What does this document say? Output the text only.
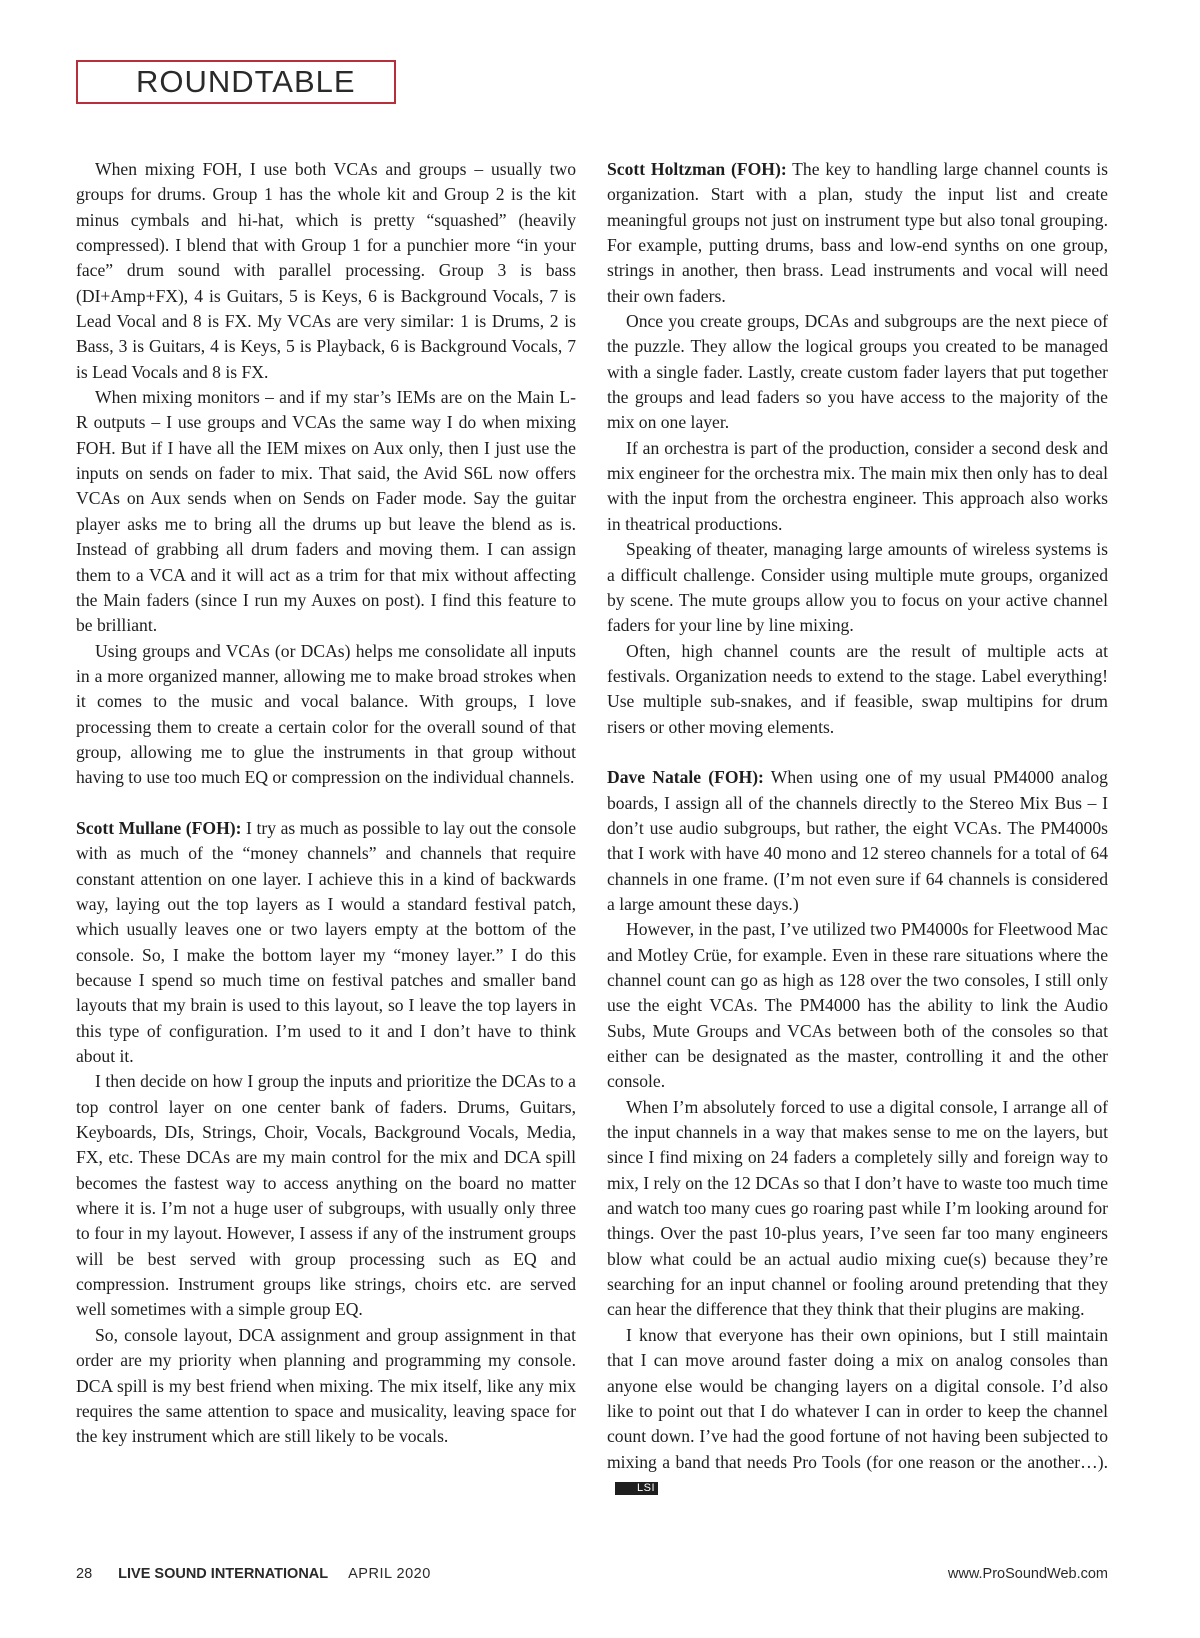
ROUNDTABLE

When mixing FOH, I use both VCAs and groups – usually two groups for drums. Group 1 has the whole kit and Group 2 is the kit minus cymbals and hi-hat, which is pretty “squashed” (heavily compressed). I blend that with Group 1 for a punchier more “in your face” drum sound with parallel processing. Group 3 is bass (DI+Amp+FX), 4 is Guitars, 5 is Keys, 6 is Background Vocals, 7 is Lead Vocal and 8 is FX. My VCAs are very similar: 1 is Drums, 2 is Bass, 3 is Guitars, 4 is Keys, 5 is Playback, 6 is Background Vocals, 7 is Lead Vocals and 8 is FX.

When mixing monitors – and if my star’s IEMs are on the Main L-R outputs – I use groups and VCAs the same way I do when mixing FOH. But if I have all the IEM mixes on Aux only, then I just use the inputs on sends on fader to mix. That said, the Avid S6L now offers VCAs on Aux sends when on Sends on Fader mode. Say the guitar player asks me to bring all the drums up but leave the blend as is. Instead of grabbing all drum faders and moving them. I can assign them to a VCA and it will act as a trim for that mix without affecting the Main faders (since I run my Auxes on post). I find this feature to be brilliant.

Using groups and VCAs (or DCAs) helps me consolidate all inputs in a more organized manner, allowing me to make broad strokes when it comes to the music and vocal balance. With groups, I love processing them to create a certain color for the overall sound of that group, allowing me to glue the instruments in that group without having to use too much EQ or compression on the individual channels.

Scott Mullane (FOH): I try as much as possible to lay out the console with as much of the “money channels” and channels that require constant attention on one layer. I achieve this in a kind of backwards way, laying out the top layers as I would a standard festival patch, which usually leaves one or two layers empty at the bottom of the console. So, I make the bottom layer my “money layer.” I do this because I spend so much time on festival patches and smaller band layouts that my brain is used to this layout, so I leave the top layers in this type of configuration. I’m used to it and I don’t have to think about it.

I then decide on how I group the inputs and prioritize the DCAs to a top control layer on one center bank of faders. Drums, Guitars, Keyboards, DIs, Strings, Choir, Vocals, Background Vocals, Media, FX, etc. These DCAs are my main control for the mix and DCA spill becomes the fastest way to access anything on the board no matter where it is. I’m not a huge user of subgroups, with usually only three to four in my layout. However, I assess if any of the instrument groups will be best served with group processing such as EQ and compression. Instrument groups like strings, choirs etc. are served well sometimes with a simple group EQ.

So, console layout, DCA assignment and group assignment in that order are my priority when planning and programming my console. DCA spill is my best friend when mixing. The mix itself, like any mix requires the same attention to space and musicality, leaving space for the key instrument which are still likely to be vocals.

Scott Holtzman (FOH): The key to handling large channel counts is organization. Start with a plan, study the input list and create meaningful groups not just on instrument type but also tonal grouping. For example, putting drums, bass and low-end synths on one group, strings in another, then brass. Lead instruments and vocal will need their own faders.

Once you create groups, DCAs and subgroups are the next piece of the puzzle. They allow the logical groups you created to be managed with a single fader. Lastly, create custom fader layers that put together the groups and lead faders so you have access to the majority of the mix on one layer.

If an orchestra is part of the production, consider a second desk and mix engineer for the orchestra mix. The main mix then only has to deal with the input from the orchestra engineer. This approach also works in theatrical productions.

Speaking of theater, managing large amounts of wireless systems is a difficult challenge. Consider using multiple mute groups, organized by scene. The mute groups allow you to focus on your active channel faders for your line by line mixing.

Often, high channel counts are the result of multiple acts at festivals. Organization needs to extend to the stage. Label everything! Use multiple sub-snakes, and if feasible, swap multipins for drum risers or other moving elements.

Dave Natale (FOH): When using one of my usual PM4000 analog boards, I assign all of the channels directly to the Stereo Mix Bus – I don’t use audio subgroups, but rather, the eight VCAs. The PM4000s that I work with have 40 mono and 12 stereo channels for a total of 64 channels in one frame. (I’m not even sure if 64 channels is considered a large amount these days.)

However, in the past, I’ve utilized two PM4000s for Fleetwood Mac and Motley Crüe, for example. Even in these rare situations where the channel count can go as high as 128 over the two consoles, I still only use the eight VCAs. The PM4000 has the ability to link the Audio Subs, Mute Groups and VCAs between both of the consoles so that either can be designated as the master, controlling it and the other console.

When I’m absolutely forced to use a digital console, I arrange all of the input channels in a way that makes sense to me on the layers, but since I find mixing on 24 faders a completely silly and foreign way to mix, I rely on the 12 DCAs so that I don’t have to waste too much time and watch too many cues go roaring past while I’m looking around for things. Over the past 10-plus years, I’ve seen far too many engineers blow what could be an actual audio mixing cue(s) because they’re searching for an input channel or fooling around pretending that they can hear the difference that they think that their plugins are making.

I know that everyone has their own opinions, but I still maintain that I can move around faster doing a mix on analog consoles than anyone else would be changing layers on a digital console. I’d also like to point out that I do whatever I can in order to keep the channel count down. I’ve had the good fortune of not having been subjected to mixing a band that needs Pro Tools (for one reason or the another…).LSI

28 LIVE SOUND INTERNATIONAL APRIL 2020	www.ProSoundWeb.com
